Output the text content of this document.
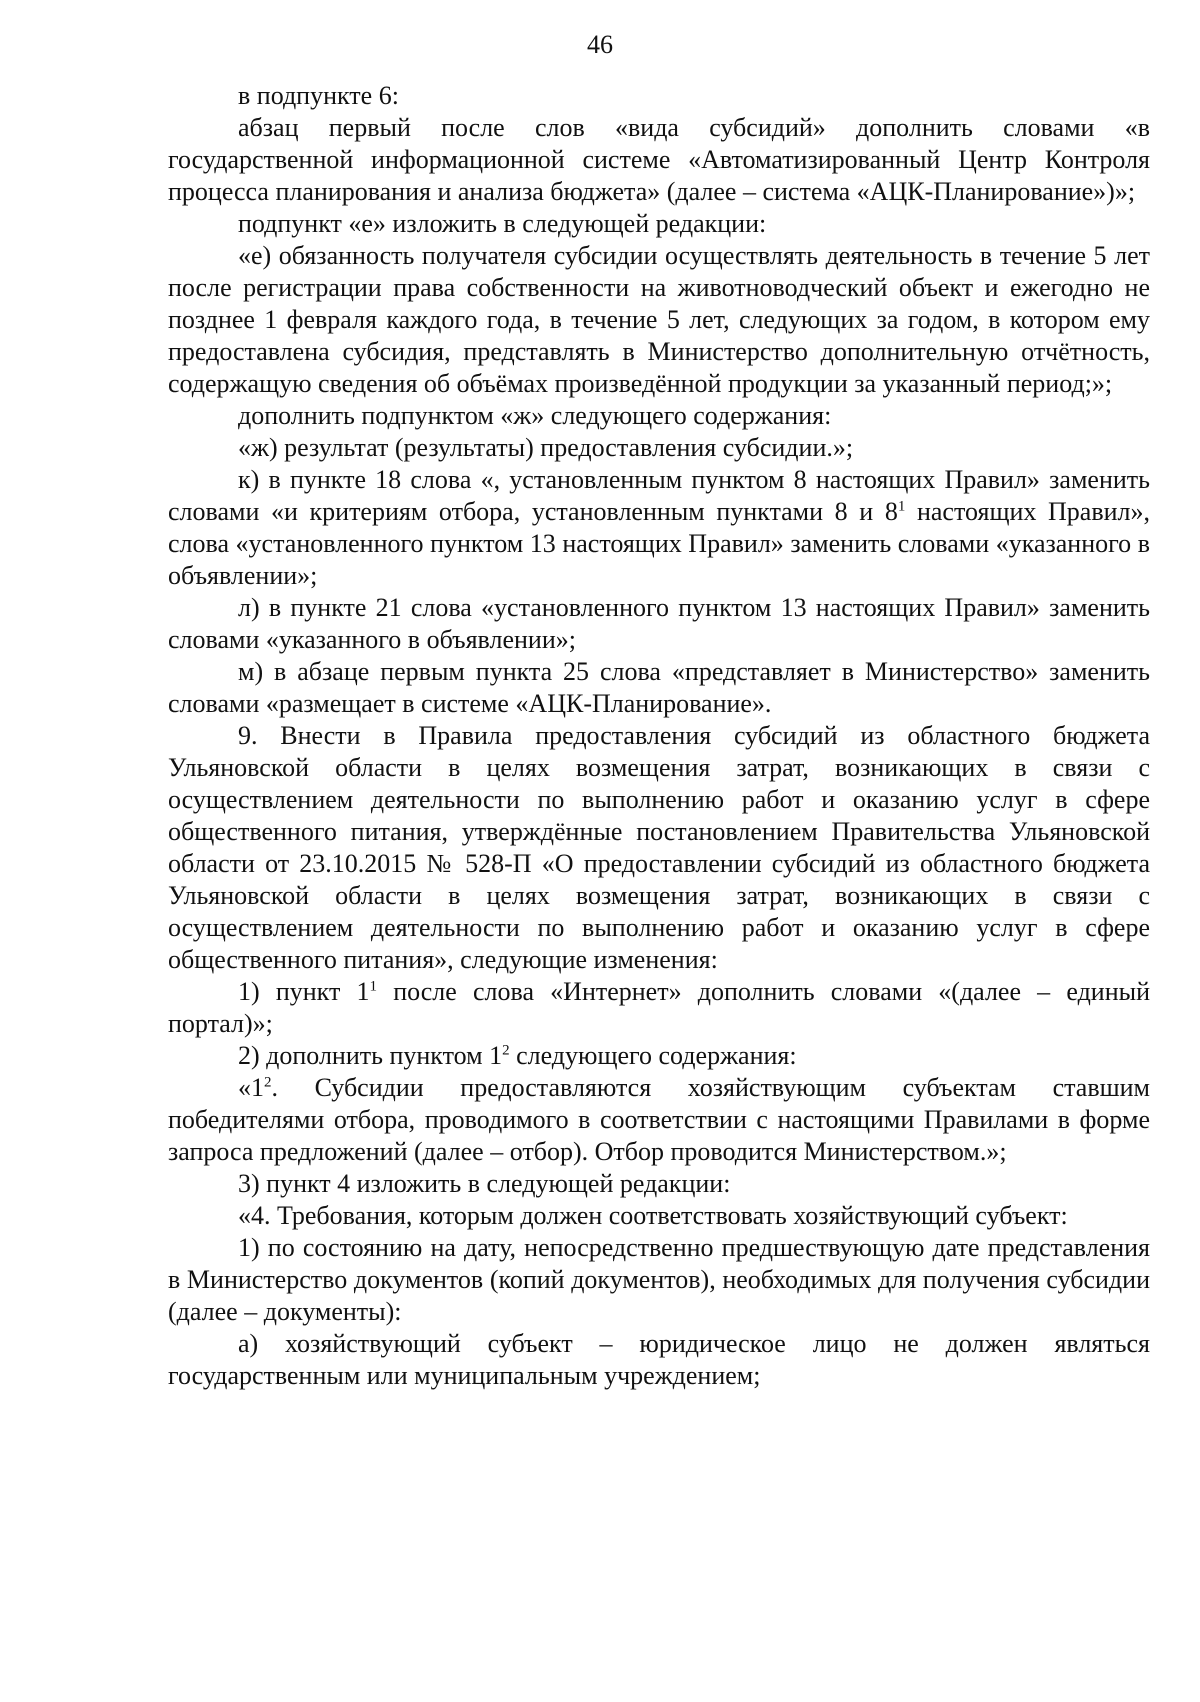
46

в подпункте 6:

абзац первый после слов «вида субсидий» дополнить словами «в государственной информационной системе «Автоматизированный Центр Контроля процесса планирования и анализа бюджета» (далее – система «АЦК-Планирование»)»;

подпункт «е» изложить в следующей редакции:

«е) обязанность получателя субсидии осуществлять деятельность в течение 5 лет после регистрации права собственности на животноводческий объект и ежегодно не позднее 1 февраля каждого года, в течение 5 лет, следующих за годом, в котором ему предоставлена субсидия, представлять в Министерство дополнительную отчётность, содержащую сведения об объёмах произведённой продукции за указанный период;»;

дополнить подпунктом «ж» следующего содержания:

«ж) результат (результаты) предоставления субсидии.»;

к) в пункте 18 слова «, установленным пунктом 8 настоящих Правил» заменить словами «и критериям отбора, установленным пунктами 8 и $8^1$ настоящих Правил», слова «установленного пунктом 13 настоящих Правил» заменить словами «указанного в объявлении»;

л) в пункте 21 слова «установленного пунктом 13 настоящих Правил» заменить словами «указанного в объявлении»;

м) в абзаце первым пункта 25 слова «представляет в Министерство» заменить словами «размещает в системе «АЦК-Планирование».

9. Внести в Правила предоставления субсидий из областного бюджета Ульяновской области в целях возмещения затрат, возникающих в связи с осуществлением деятельности по выполнению работ и оказанию услуг в сфере общественного питания, утверждённые постановлением Правительства Ульяновской области от 23.10.2015 № 528-П «О предоставлении субсидий из областного бюджета Ульяновской области в целях возмещения затрат, возникающих в связи с осуществлением деятельности по выполнению работ и оказанию услуг в сфере общественного питания», следующие изменения:

1) пункт $1^1$ после слова «Интернет» дополнить словами «(далее – единый портал)»;

2) дополнить пунктом $1^2$ следующего содержания:

«$1^2$. Субсидии предоставляются хозяйствующим субъектам ставшим победителями отбора, проводимого в соответствии с настоящими Правилами в форме запроса предложений (далее – отбор). Отбор проводится Министерством.»;

3) пункт 4 изложить в следующей редакции:

«4. Требования, которым должен соответствовать хозяйствующий субъект:

1) по состоянию на дату, непосредственно предшествующую дате представления в Министерство документов (копий документов), необходимых для получения субсидии (далее – документы):

а) хозяйствующий субъект – юридическое лицо не должен являться государственным или муниципальным учреждением;
